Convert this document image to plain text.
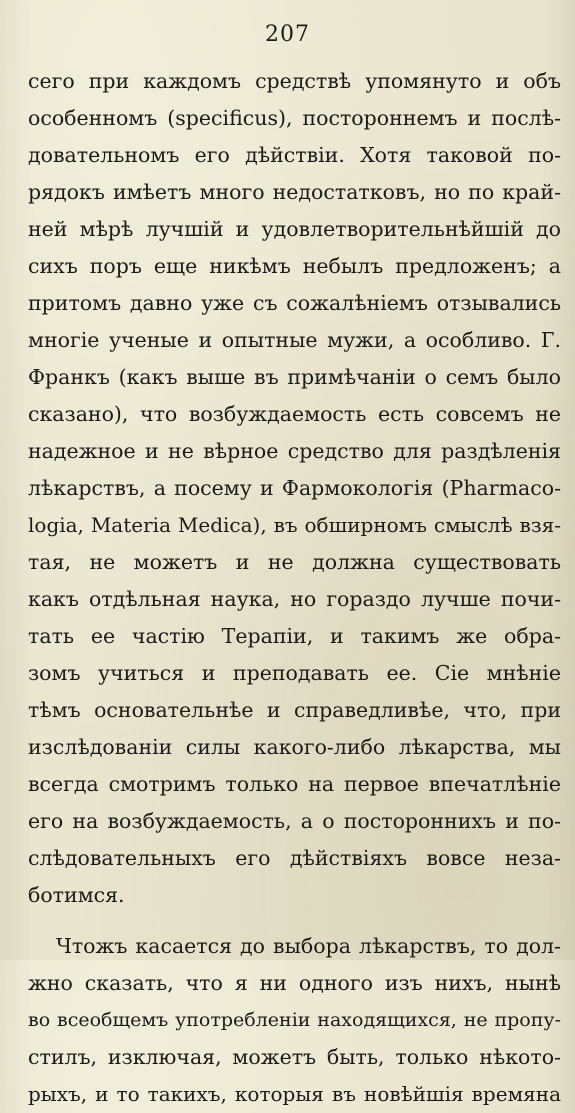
207
сего при каждомъ средствѣ упомянуто и объ
особенномъ (specificus), постороннемъ и послѣ-
довательномъ его дѣйствіи. Хотя таковой по-
рядокъ имѣетъ много недостатковъ, но по край-
ней мѣрѣ лучшій и удовлетворительнѣйшій до
сихъ поръ еще никѣмъ небылъ предложенъ; а
притомъ давно уже съ сожалѣніемъ отзывались
многіе ученые и опытные мужи, а особливо. Г.
Франкъ (какъ выше въ примѣчаніи о семъ было
сказано), что возбуждаемость есть совсемъ не
надежное и не вѣрное средство для раздѣленія
лѣкарствъ, а посему и Фармокологія (Pharmaco-
logia, Materia Medica), въ обширномъ смыслѣ взя-
тая, не можетъ и не должна существовать
какъ отдѣльная наука, но гораздо лучше почи-
тать ее частію Терапіи, и такимъ же обра-
зомъ учиться и преподавать ее. Сіе мнѣніе
тѣмъ основательнѣе и справедливѣе, что, при
изслѣдованіи силы какого-либо лѣкарства, мы
всегда смотримъ только на первое впечатлѣніе
его на возбуждаемость, а о постороннихъ и по-
слѣдовательныхъ его дѣйствіяхъ вовсе неза-
ботимся.
Чтожъ касается до выбора лѣкарствъ, то дол-
жно сказать, что я ни одного изъ нихъ, нынѣ
во всеобщемъ употребленіи находящихся, не пропу-
стилъ, изключая, можетъ быть, только нѣкото-
рыхъ, и то такихъ, которыя въ новѣйшія времяна
